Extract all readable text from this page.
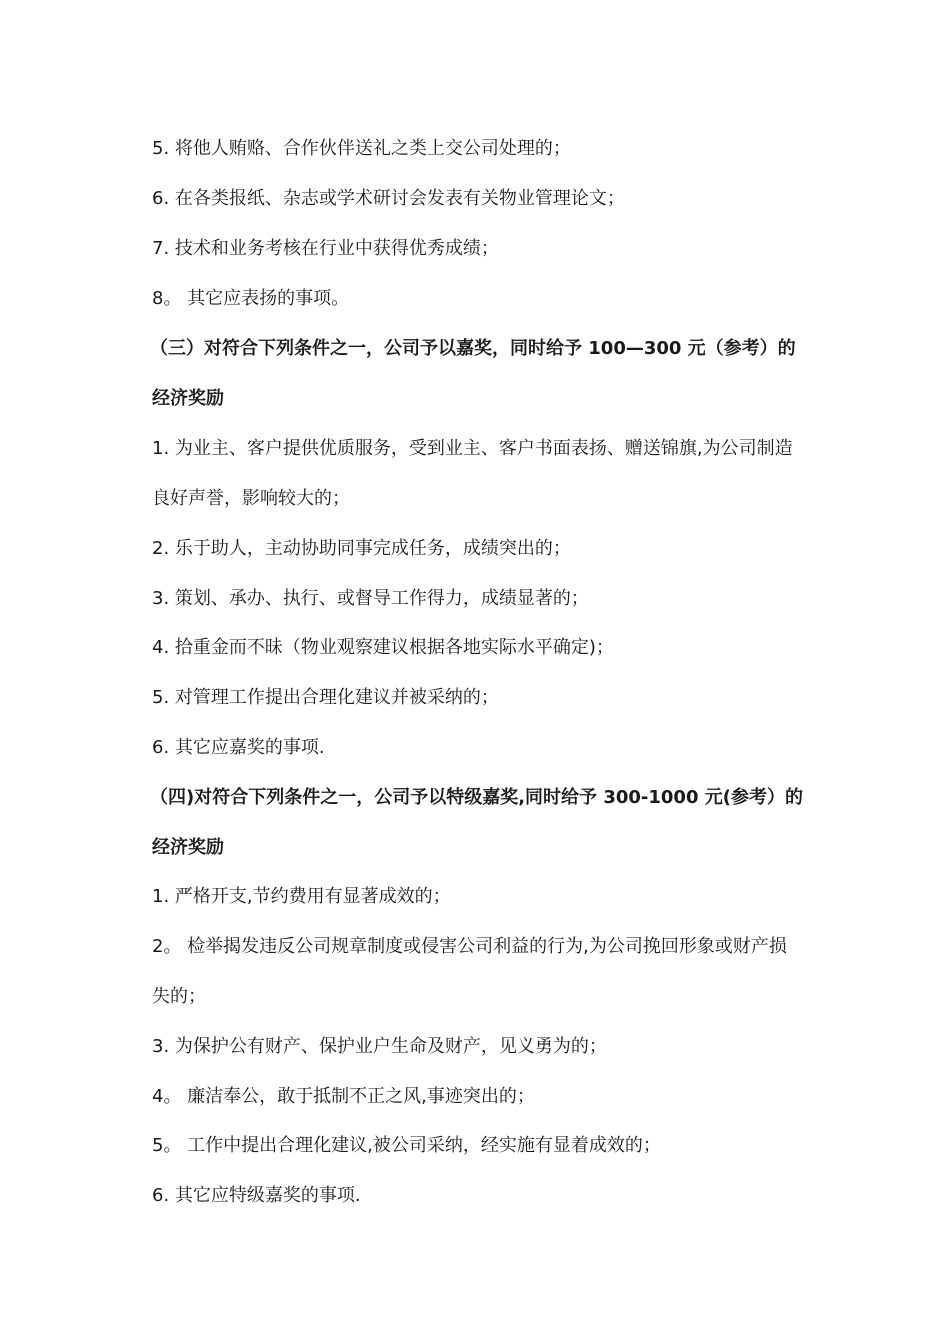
5. 将他人贿赂、合作伙伴送礼之类上交公司处理的；
6. 在各类报纸、杂志或学术研讨会发表有关物业管理论文；
7. 技术和业务考核在行业中获得优秀成绩；
8。 其它应表扬的事项。
（三）对符合下列条件之一，公司予以嘉奖，同时给予 100—300 元（参考）的
经济奖励
1. 为业主、客户提供优质服务，受到业主、客户书面表扬、赠送锦旗,为公司制造
良好声誉，影响较大的；
2. 乐于助人，主动协助同事完成任务，成绩突出的；
3. 策划、承办、执行、或督导工作得力，成绩显著的；
4. 拾重金而不昧（物业观察建议根据各地实际水平确定)；
5. 对管理工作提出合理化建议并被采纳的；
6. 其它应嘉奖的事项.
（四)对符合下列条件之一，公司予以特级嘉奖,同时给予 300-1000 元(参考）的
经济奖励
1. 严格开支,节约费用有显著成效的；
2。 检举揭发违反公司规章制度或侵害公司利益的行为,为公司挽回形象或财产损
失的；
3. 为保护公有财产、保护业户生命及财产，见义勇为的；
4。 廉洁奉公，敢于抵制不正之风,事迹突出的；
5。 工作中提出合理化建议,被公司采纳，经实施有显着成效的；
6. 其它应特级嘉奖的事项.
